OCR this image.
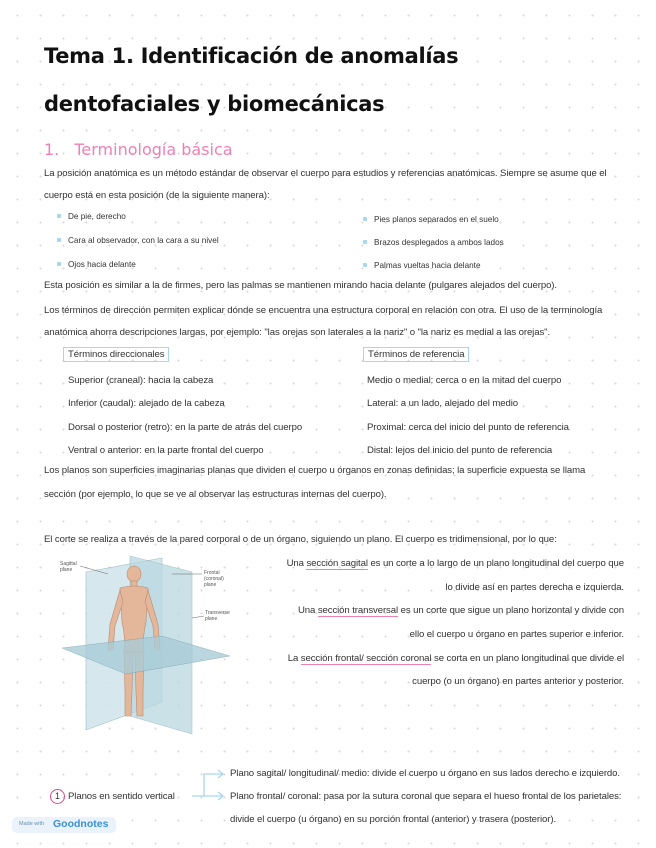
Tema 1. Identificación de anomalías
dentofaciales y biomecánicas
1. Terminología básica
La posición anatómica es un método estándar de observar el cuerpo para estudios y referencias anatómicas. Siempre se asume que el
cuerpo está en esta posición (de la siguiente manera):
De pie, derecho
Cara al observador, con la cara a su nivel
Ojos hacia delante
Pies planos separados en el suelo
Brazos desplegados a ambos lados
Palmas vueltas hacia delante
Esta posición es similar a la de firmes, pero las palmas se mantienen mirando hacia delante (pulgares alejados del cuerpo).
Los términos de dirección permiten explicar dónde se encuentra una estructura corporal en relación con otra. El uso de la terminología
anatómica ahorra descripciones largas, por ejemplo: "las orejas son laterales a la nariz" o "la nariz es medial a las orejas".
Términos direccionales
Superior (craneal): hacia la cabeza
Inferior (caudal): alejado de la cabeza
Dorsal o posterior (retro): en la parte de atrás del cuerpo
Ventral o anterior: en la parte frontal del cuerpo
Términos de referencia
Medio o medial: cerca o en la mitad del cuerpo
Lateral: a un lado, alejado del medio
Proximal: cerca del inicio del punto de referencia
Distal: lejos del inicio del punto de referencia
Los planos son superficies imaginarias planas que dividen el cuerpo u órganos en zonas definidas; la superficie expuesta se llama
sección (por ejemplo, lo que se ve al observar las estructuras internas del cuerpo).
El corte se realiza a través de la pared corporal o de un órgano, siguiendo un plano. El cuerpo es tridimensional, por lo que:
Sagittal
plane	Frontal
(coronal)
plane
Transverse
plane
Una sección sagital es un corte a lo largo de un plano longitudinal del cuerpo que
lo divide así en partes derecha e izquierda.
Una sección transversal es un corte que sigue un plano horizontal y divide con
ello el cuerpo u órgano en partes superior e inferior.
La sección frontal/ sección coronal se corta en un plano longitudinal que divide el
cuerpo (o un órgano) en partes anterior y posterior.
1 Planos en sentido vertical
Plano sagital/ longitudinal/ medio: divide el cuerpo u órgano en sus lados derecho e izquierdo.
Plano frontal/ coronal: pasa por la sutura coronal que separa el hueso frontal de los parietales:
divide el cuerpo (u órgano) en su porción frontal (anterior) y trasera (posterior).
Made with Goodnotes
